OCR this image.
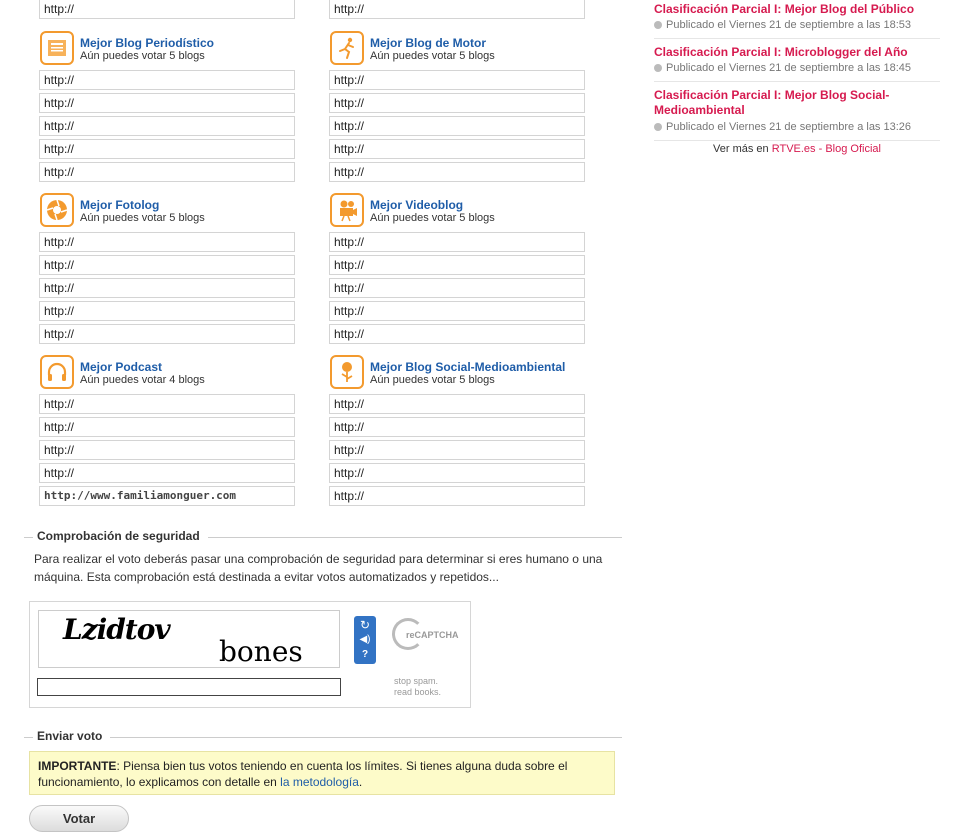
http://	http://
Mejor Blog Periodístico
Aún puedes votar 5 blogs
http://
http://
http://
http://
http://
Mejor Blog de Motor
Aún puedes votar 5 blogs
http://
http://
http://
http://
http://
Mejor Fotolog
Aún puedes votar 5 blogs
http://
http://
http://
http://
http://
Mejor Videoblog
Aún puedes votar 5 blogs
http://
http://
http://
http://
http://
Mejor Podcast
Aún puedes votar 4 blogs
http://
http://
http://
http://
http://www.familiamonguer.com
Mejor Blog Social-Medioambiental
Aún puedes votar 5 blogs
http://
http://
http://
http://
http://
Comprobación de seguridad
Para realizar el voto deberás pasar una comprobación de seguridad para determinar si eres humano o una máquina. Esta comprobación está destinada a evitar votos automatizados y repetidos...
Lzidtov
bones
↻
◀)
?
reCAPTCHA
stop spam.
read books.
Enviar voto
IMPORTANTE: Piensa bien tus votos teniendo en cuenta los límites. Si tienes alguna duda sobre el funcionamiento, lo explicamos con detalle en la metodología.
Votar
Clasificación Parcial I: Mejor Blog del Público
Publicado el Viernes 21 de septiembre a las 18:53
Clasificación Parcial I: Microblogger del Año
Publicado el Viernes 21 de septiembre a las 18:45
Clasificación Parcial I: Mejor Blog Social-Medioambiental
Publicado el Viernes 21 de septiembre a las 13:26
Ver más en RTVE.es - Blog Oficial
